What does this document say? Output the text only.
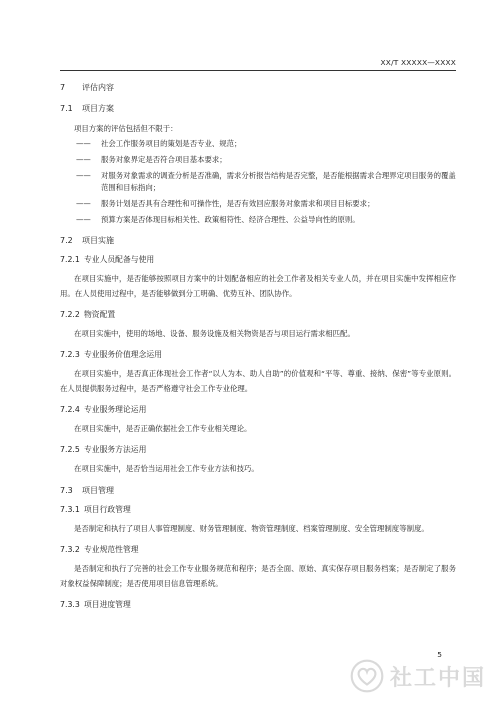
XX/T XXXXX—XXXX
7 评估内容
7.1 项目方案
项目方案的评估包括但不限于：
——	社会工作服务项目的策划是否专业、规范；
——	服务对象界定是否符合项目基本要求；
——	对服务对象需求的调查分析是否准确，需求分析报告结构是否完整，是否能根据需求合理界定项目服务的覆盖范围和目标指向；
——	服务计划是否具有合理性和可操作性，是否有效回应服务对象需求和项目目标要求；
——	预算方案是否体现目标相关性、政策相符性、经济合理性、公益导向性的原则。
7.2 项目实施
7.2.1 专业人员配备与使用
在项目实施中，是否能够按照项目方案中的计划配备相应的社会工作者及相关专业人员，并在项目实施中发挥相应作用。在人员使用过程中，是否能够做到分工明确、优势互补、团队协作。
7.2.2 物资配置
在项目实施中，使用的场地、设备、服务设施及相关物资是否与项目运行需求相匹配。
7.2.3 专业服务价值理念运用
在项目实施中，是否真正体现社会工作者“以人为本、助人自助”的价值观和“平等、尊重、接纳、保密”等专业原则。在人员提供服务过程中，是否严格遵守社会工作专业伦理。
7.2.4 专业服务理论运用
在项目实施中，是否正确依据社会工作专业相关理论。
7.2.5 专业服务方法运用
在项目实施中，是否恰当运用社会工作专业方法和技巧。
7.3 项目管理
7.3.1 项目行政管理
是否制定和执行了项目人事管理制度、财务管理制度、物资管理制度、档案管理制度、安全管理制度等制度。
7.3.2 专业规范性管理
是否制定和执行了完善的社会工作专业服务规范和程序；是否全面、原始、真实保存项目服务档案；是否制定了服务对象权益保障制度；是否使用项目信息管理系统。
7.3.3 项目进度管理
5
社工中国
